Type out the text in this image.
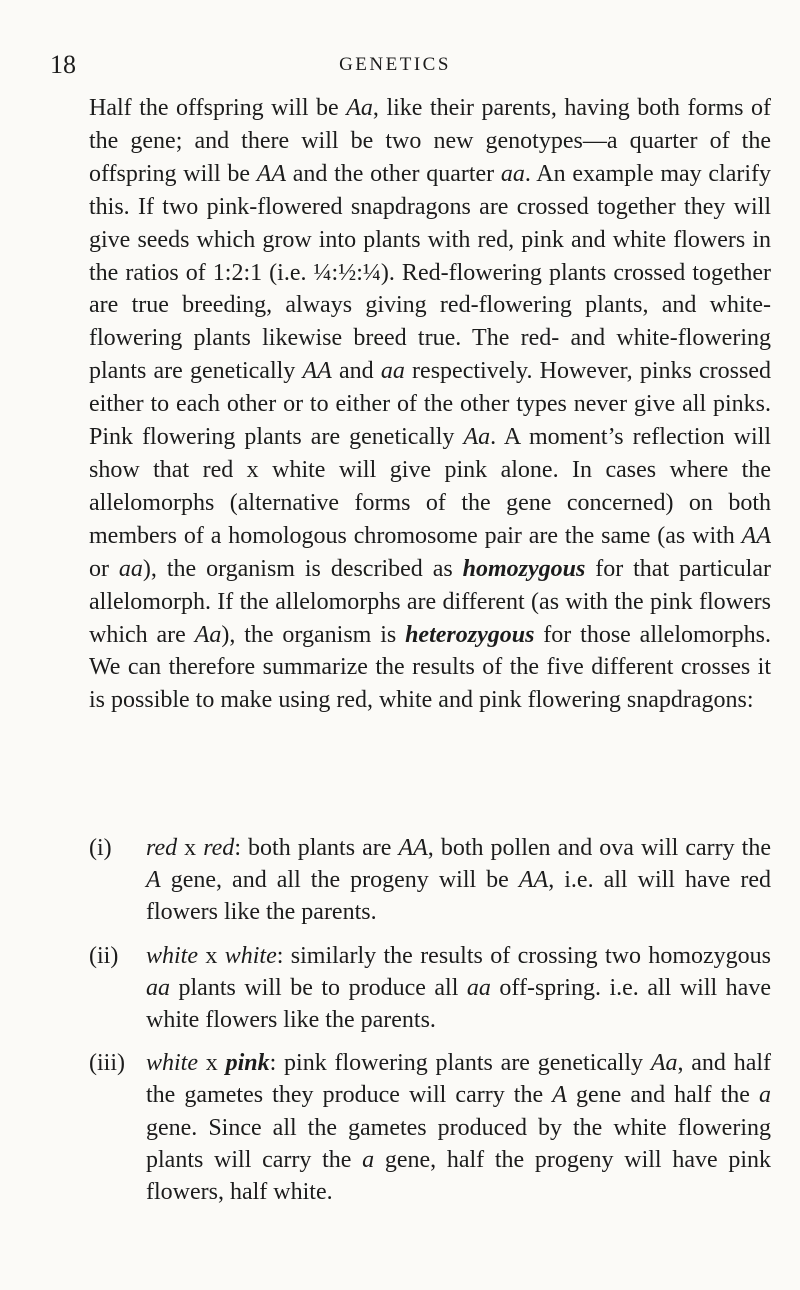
18	GENETICS

Half the offspring will be Aa, like their parents, having both forms of the gene; and there will be two new genotypes—a quarter of the offspring will be AA and the other quarter aa. An example may clarify this. If two pink-flowered snapdragons are crossed together they will give seeds which grow into plants with red, pink and white flowers in the ratios of 1:2:1 (i.e. ¼:½:¼). Red-flowering plants crossed together are true breeding, always giving red-flowering plants, and white-flowering plants likewise breed true. The red- and white-flowering plants are genetically AA and aa respectively. However, pinks crossed either to each other or to either of the other types never give all pinks. Pink flowering plants are genetically Aa. A moment’s reflection will show that red x white will give pink alone. In cases where the allelomorphs (alternative forms of the gene concerned) on both members of a homologous chromosome pair are the same (as with AA or aa), the organism is described as homozygous for that particular allelomorph. If the allelomorphs are different (as with the pink flowers which are Aa), the organism is heterozygous for those allelomorphs. We can therefore summarize the results of the five different crosses it is possible to make using red, white and pink flowering snapdragons:

(i) red x red: both plants are AA, both pollen and ova will carry the A gene, and all the progeny will be AA, i.e. all will have red flowers like the parents.
(ii) white x white: similarly the results of crossing two homozygous aa plants will be to produce all aa off-spring. i.e. all will have white flowers like the parents.
(iii) white x pink: pink flowering plants are genetically Aa, and half the gametes they produce will carry the A gene and half the a gene. Since all the gametes produced by the white flowering plants will carry the a gene, half the progeny will have pink flowers, half white.
